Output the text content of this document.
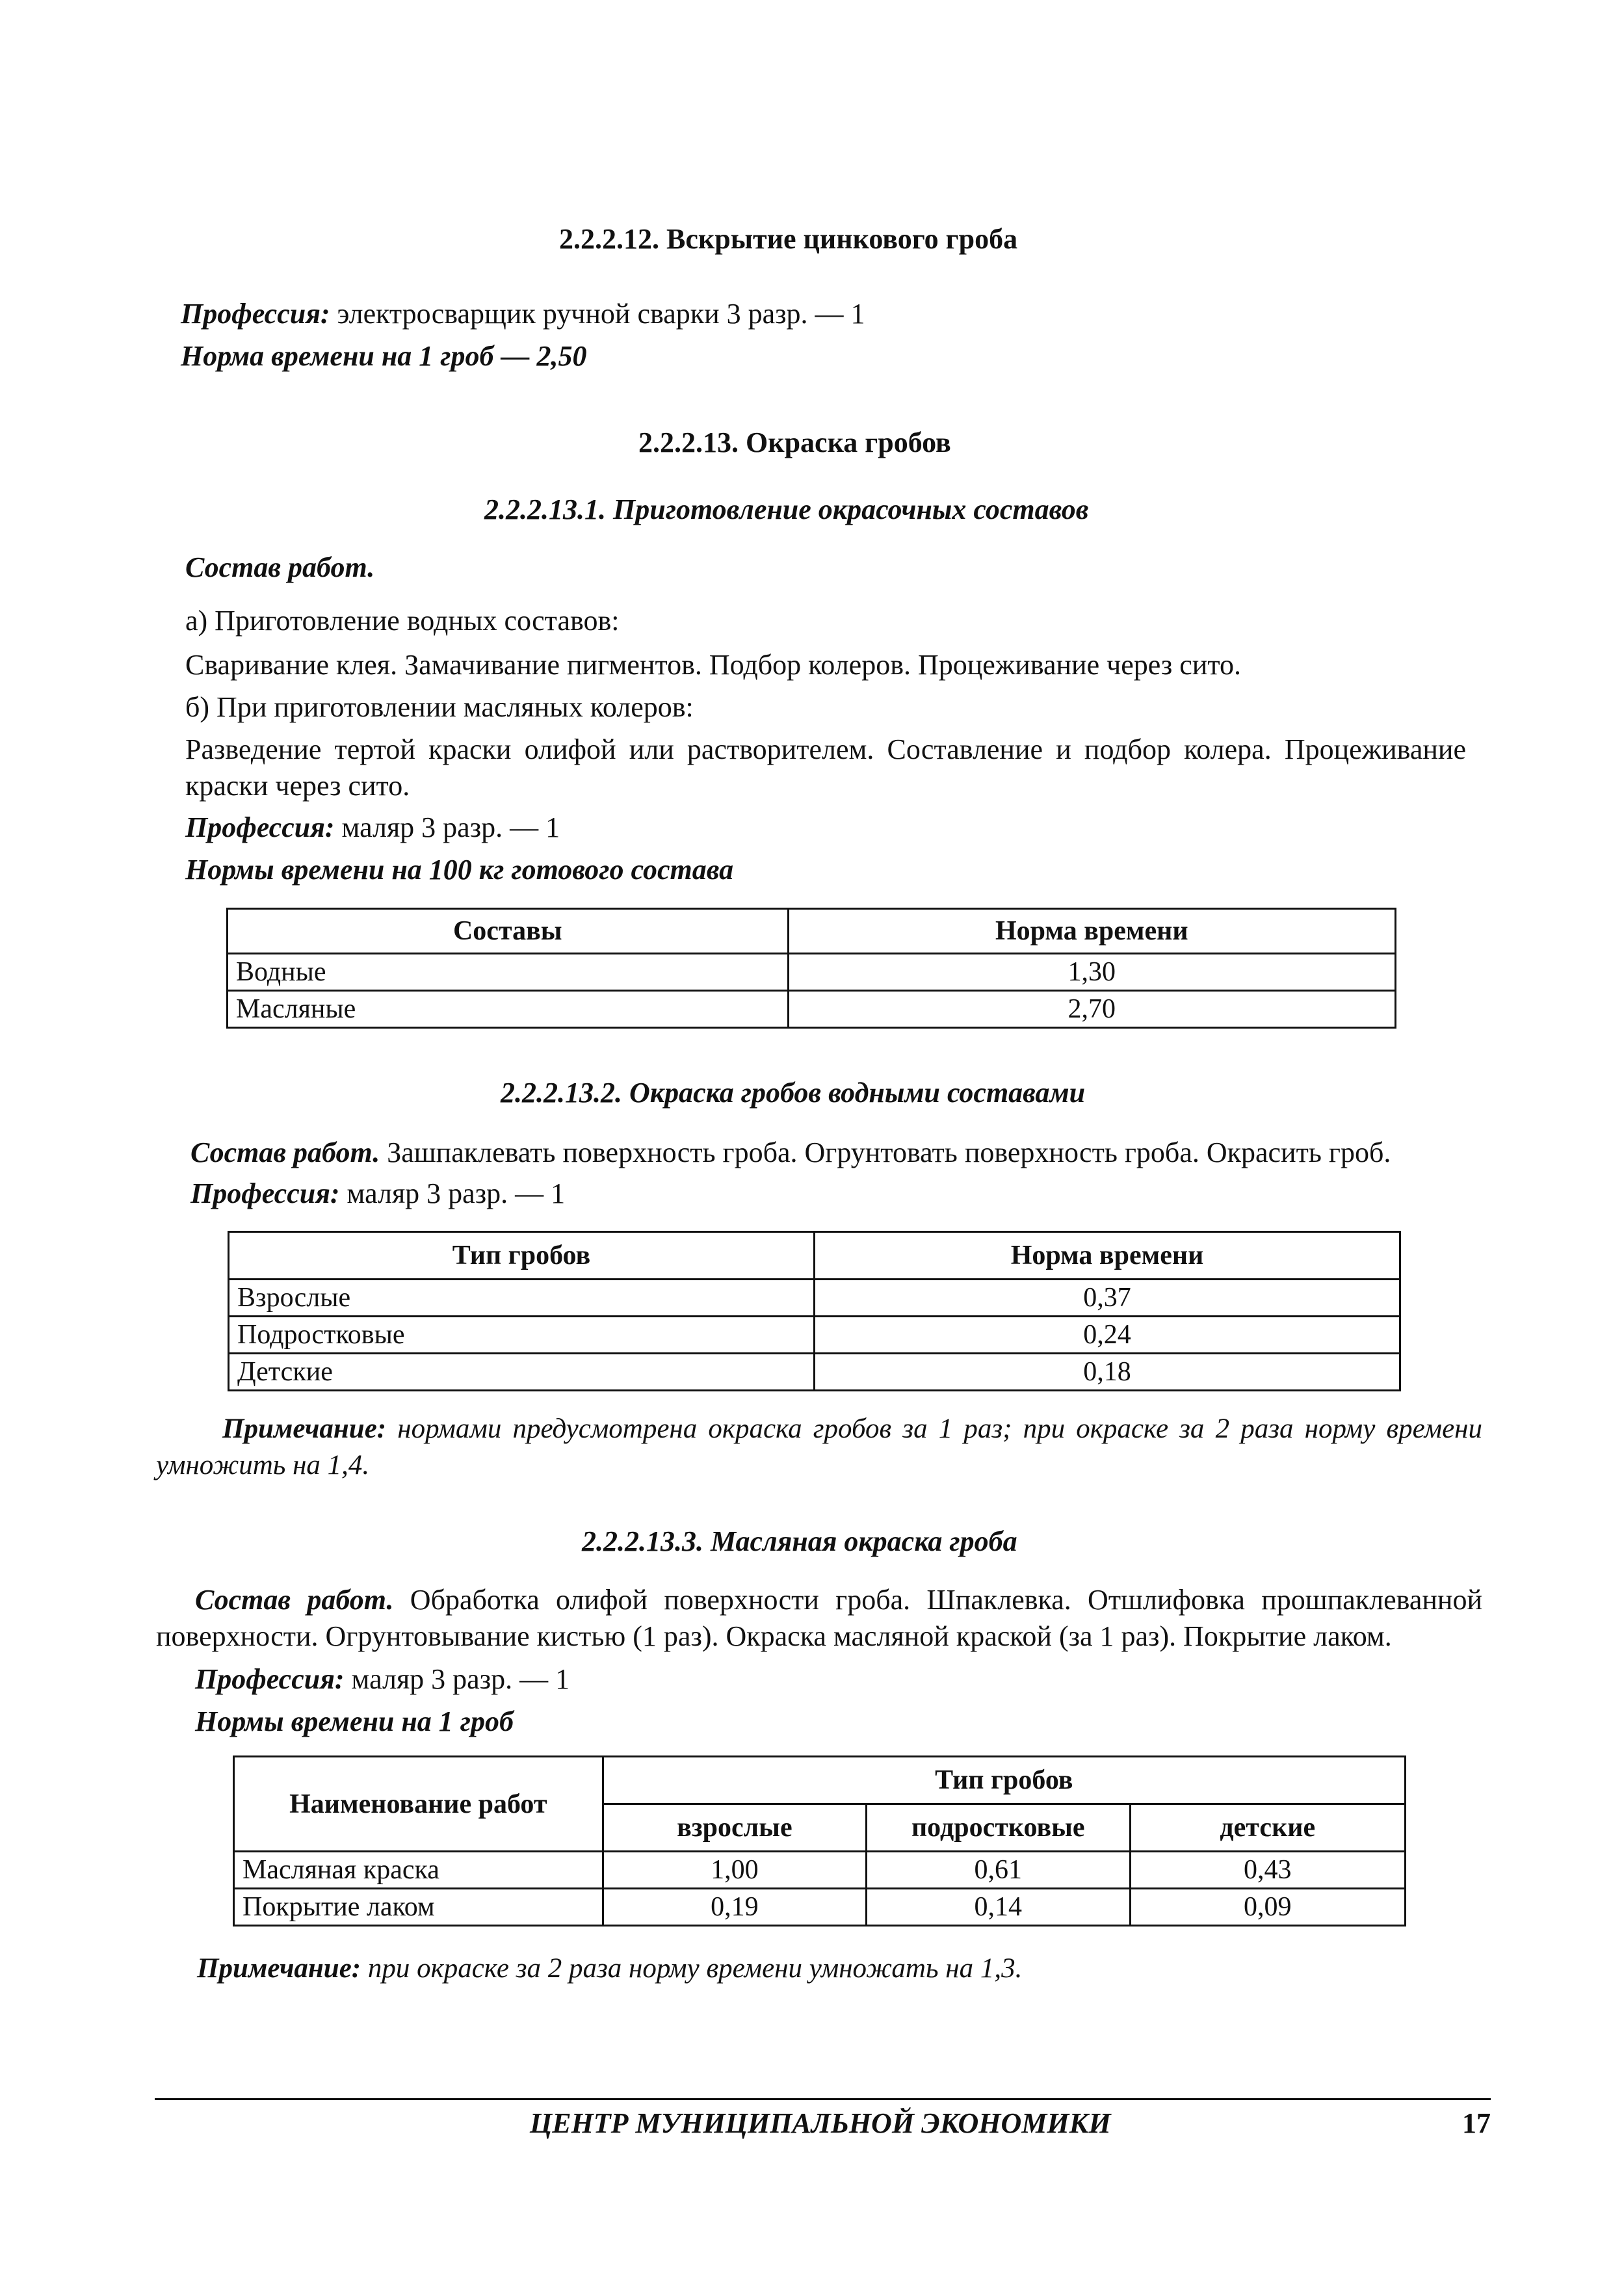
2.2.2.12. Вскрытие цинкового гроба
Профессия: электросварщик ручной сварки 3 разр. — 1
Норма времени на 1 гроб — 2,50
2.2.2.13. Окраска гробов
2.2.2.13.1. Приготовление окрасочных составов
Состав работ.
а) Приготовление водных составов:
Сваривание клея. Замачивание пигментов. Подбор колеров. Процеживание через сито.
б) При приготовлении масляных колеров:
Разведение тертой краски олифой или растворителем. Составление и подбор колера. Процеживание краски через сито.
Профессия: маляр 3 разр. — 1
Нормы времени на 100 кг готового состава
Составы	Норма времени
Водные	1,30
Масляные	2,70
2.2.2.13.2. Окраска гробов водными составами
Состав работ. Зашпаклевать поверхность гроба. Огрунтовать поверхность гроба. Окрасить гроб.
Профессия: маляр 3 разр. — 1
Тип гробов	Норма времени
Взрослые	0,37
Подростковые	0,24
Детские	0,18
Примечание: нормами предусмотрена окраска гробов за 1 раз; при окраске за 2 раза норму времени умножить на 1,4.
2.2.2.13.3. Масляная окраска гроба
Состав работ. Обработка олифой поверхности гроба. Шпаклевка. Отшлифовка прошпаклеванной поверхности. Огрунтовывание кистью (1 раз). Окраска масляной краской (за 1 раз). Покрытие лаком.
Профессия: маляр 3 разр. — 1
Нормы времени на 1 гроб
Наименование работ	Тип гробов		
	взрослые	подростковые	детские
Масляная краска	1,00	0,61	0,43
Покрытие лаком	0,19	0,14	0,09
Примечание: при окраске за 2 раза норму времени умножать на 1,3.
ЦЕНТР МУНИЦИПАЛЬНОЙ ЭКОНОМИКИ	17
